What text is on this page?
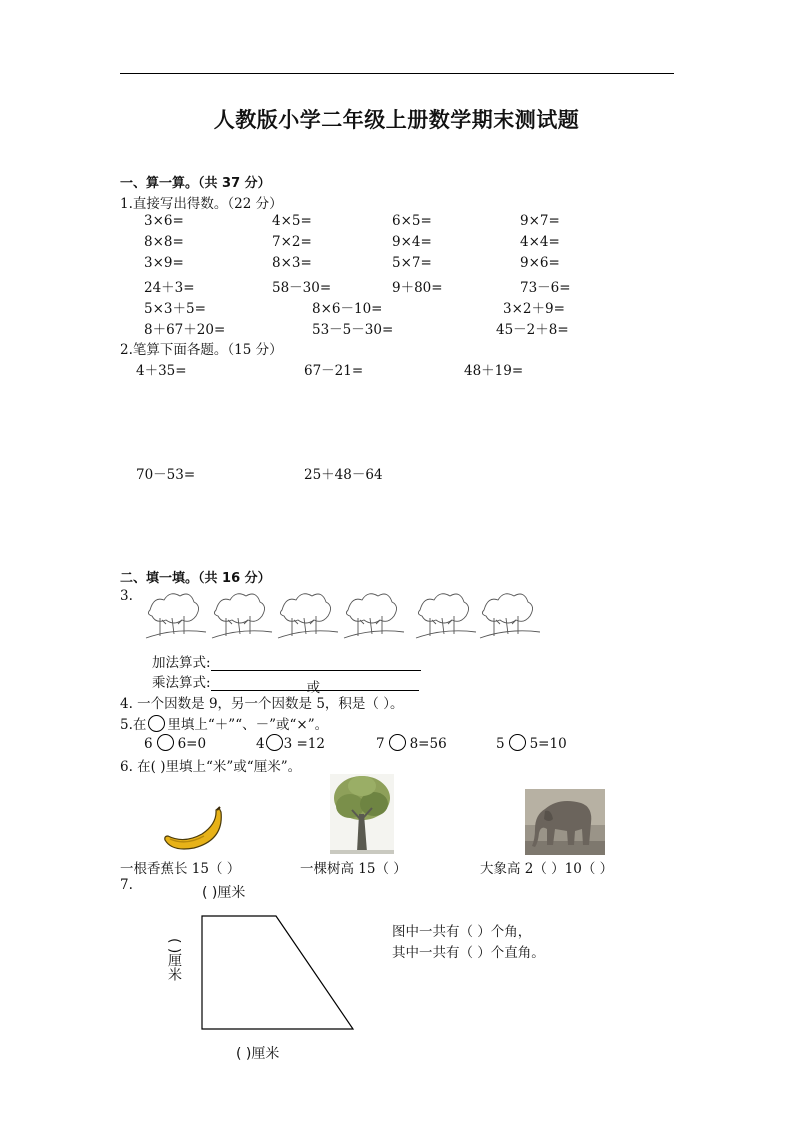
人教版小学二年级上册数学期末测试题
一、算一算。（共 37 分）
1.直接写出得数。（22 分）
3×6=	4×5=	6×5=	9×7=
8×8=	7×2=	9×4=	4×4=
3×9=	8×3=	5×7=	9×6=
24＋3=	58－30=	9＋80=	73－6=
5×3＋5=	8×6－10=	3×2＋9=
8＋67＋20=	53－5－30=	45－2＋8=
2.笔算下面各题。（15 分）
4＋35=	67－21=	48＋19=
70－53=	25＋48－64
二、填一填。（共 16 分）
3.
加法算式:
乘法算式:	或
4. 一个因数是 9，另一个因数是 5，积是（ ）。
5.在 里填上“＋”“、－”或“×”。
6 6=0	4 3 =12	7 8=56	5 5=10
6. 在( )里填上“米”或“厘米”。
一根香蕉长 15（ ）	一棵树高 15（ ）	大象高 2（ ）10（ ）
7.	( )厘米
( )厘米
( )厘米
图中一共有（ ）个角，
其中一共有（ ）个直角。
